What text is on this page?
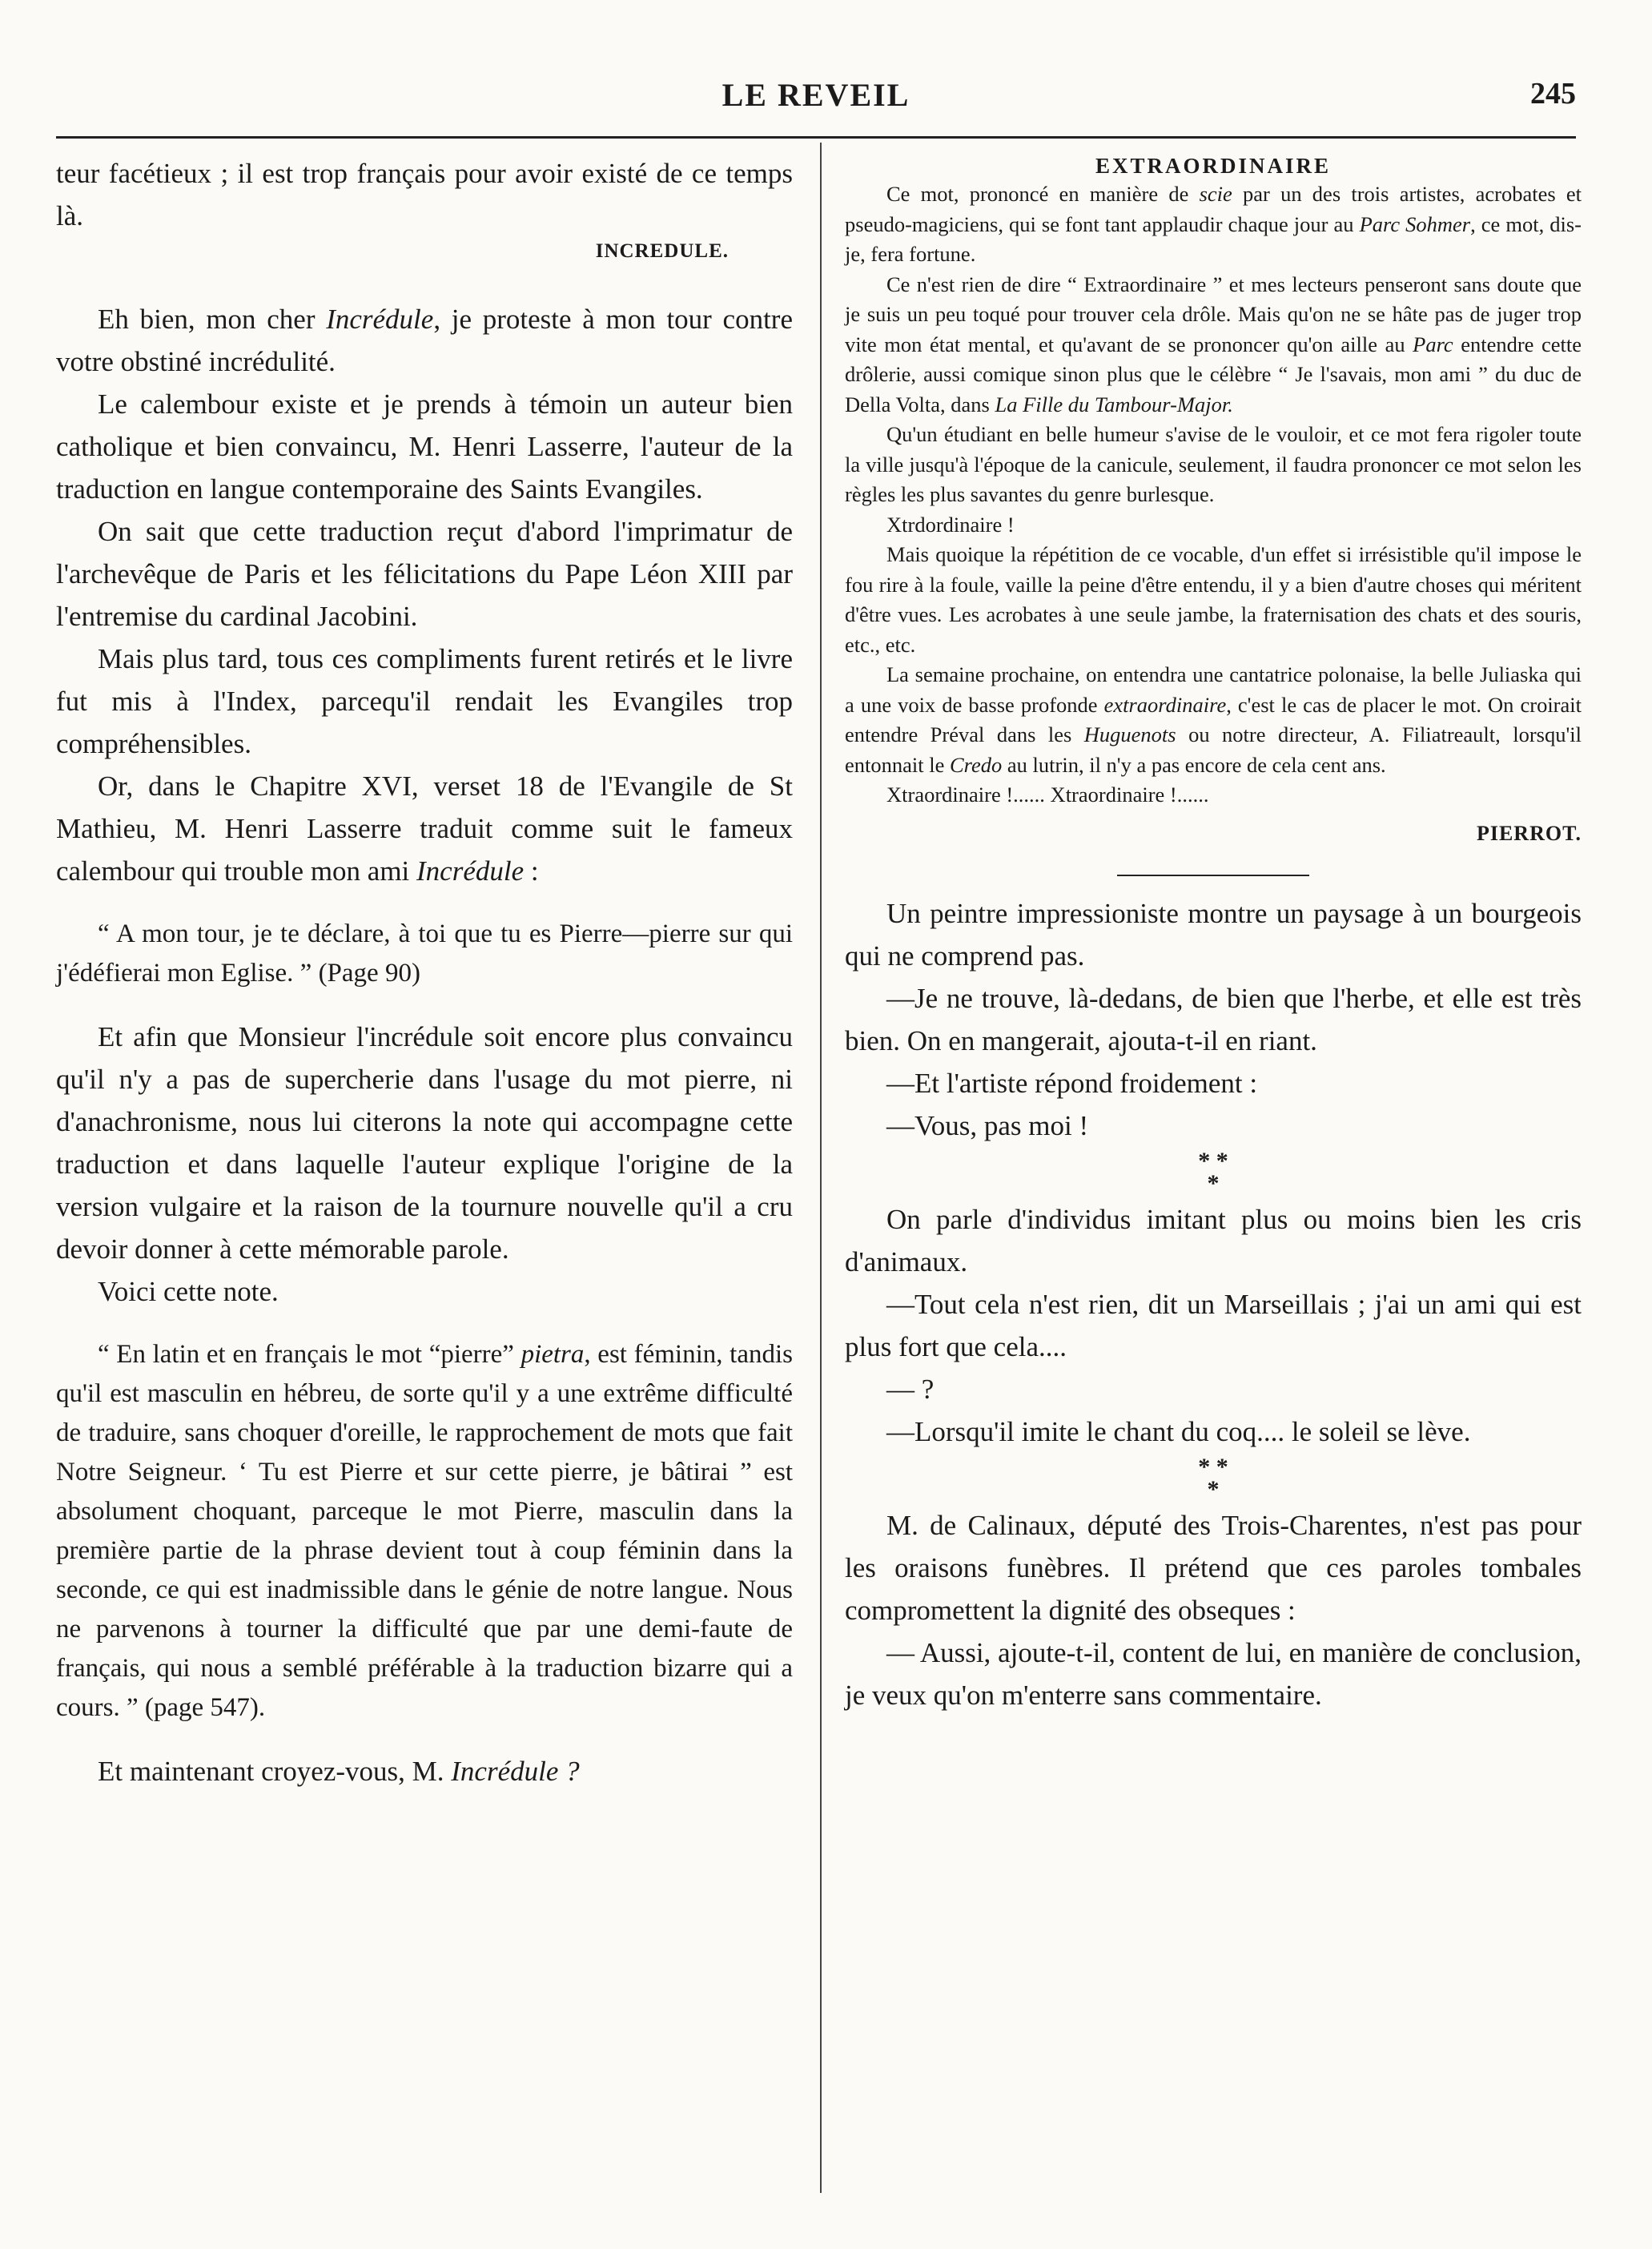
LE REVEIL	245

teur facétieux ; il est trop français pour avoir existé de ce temps là.

INCREDULE.

Eh bien, mon cher Incrédule, je proteste à mon tour contre votre obstiné incrédulité.

Le calembour existe et je prends à témoin un auteur bien catholique et bien convaincu, M. Henri Lasserre, l'auteur de la traduction en langue contemporaine des Saints Evangiles.

On sait que cette traduction reçut d'abord l'imprimatur de l'archevêque de Paris et les félicitations du Pape Léon XIII par l'entremise du cardinal Jacobini.

Mais plus tard, tous ces compliments furent retirés et le livre fut mis à l'Index, parcequ'il rendait les Evangiles trop compréhensibles.

Or, dans le Chapitre XVI, verset 18 de l'Evangile de St Mathieu, M. Henri Lasserre traduit comme suit le fameux calembour qui trouble mon ami Incrédule :

“ A mon tour, je te déclare, à toi que tu es Pierre—pierre sur qui j'édéfierai mon Eglise. ” (Page 90)

Et afin que Monsieur l'incrédule soit encore plus convaincu qu'il n'y a pas de supercherie dans l'usage du mot pierre, ni d'anachronisme, nous lui citerons la note qui accompagne cette traduction et dans laquelle l'auteur explique l'origine de la version vulgaire et la raison de la tournure nouvelle qu'il a cru devoir donner à cette mémorable parole.

Voici cette note.

“ En latin et en français le mot “pierre” pietra, est féminin, tandis qu'il est masculin en hébreu, de sorte qu'il y a une extrême difficulté de traduire, sans choquer d'oreille, le rapprochement de mots que fait Notre Seigneur. ‘ Tu est Pierre et sur cette pierre, je bâtirai ” est absolument choquant, parceque le mot Pierre, masculin dans la première partie de la phrase devient tout à coup féminin dans la seconde, ce qui est inadmissible dans le génie de notre langue. Nous ne parvenons à tourner la difficulté que par une demi-faute de français, qui nous a semblé préférable à la traduction bizarre qui a cours. ” (page 547).

Et maintenant croyez-vous, M. Incrédule ?

EXTRAORDINAIRE

Ce mot, prononcé en manière de scie par un des trois artistes, acrobates et pseudo-magiciens, qui se font tant applaudir chaque jour au Parc Sohmer, ce mot, dis-je, fera fortune.

Ce n'est rien de dire “ Extraordinaire ” et mes lecteurs penseront sans doute que je suis un peu toqué pour trouver cela drôle. Mais qu'on ne se hâte pas de juger trop vite mon état mental, et qu'avant de se prononcer qu'on aille au Parc entendre cette drôlerie, aussi comique sinon plus que le célèbre “ Je l'savais, mon ami ” du duc de Della Volta, dans La Fille du Tambour-Major.

Qu'un étudiant en belle humeur s'avise de le vouloir, et ce mot fera rigoler toute la ville jusqu'à l'époque de la canicule, seulement, il faudra prononcer ce mot selon les règles les plus savantes du genre burlesque.

Xtrdordinaire !

Mais quoique la répétition de ce vocable, d'un effet si irrésistible qu'il impose le fou rire à la foule, vaille la peine d'être entendu, il y a bien d'autre choses qui méritent d'être vues. Les acrobates à une seule jambe, la fraternisation des chats et des souris, etc., etc.

La semaine prochaine, on entendra une cantatrice polonaise, la belle Juliaska qui a une voix de basse profonde extraordinaire, c'est le cas de placer le mot. On croirait entendre Préval dans les Huguenots ou notre directeur, A. Filiatreault, lorsqu'il entonnait le Credo au lutrin, il n'y a pas encore de cela cent ans.

Xtraordinaire !...... Xtraordinaire !......

PIERROT.

Un peintre impressioniste montre un paysage à un bourgeois qui ne comprend pas.

—Je ne trouve, là-dedans, de bien que l'herbe, et elle est très bien. On en mangerait, ajouta-t-il en riant.

—Et l'artiste répond froidement :

—Vous, pas moi !

* *
*

On parle d'individus imitant plus ou moins bien les cris d'animaux.

—Tout cela n'est rien, dit un Marseillais ; j'ai un ami qui est plus fort que cela....

— ?

—Lorsqu'il imite le chant du coq.... le soleil se lève.

* *
*

M. de Calinaux, député des Trois-Charentes, n'est pas pour les oraisons funèbres. Il prétend que ces paroles tombales compromettent la dignité des obseques :

— Aussi, ajoute-t-il, content de lui, en manière de conclusion, je veux qu'on m'enterre sans commentaire.
